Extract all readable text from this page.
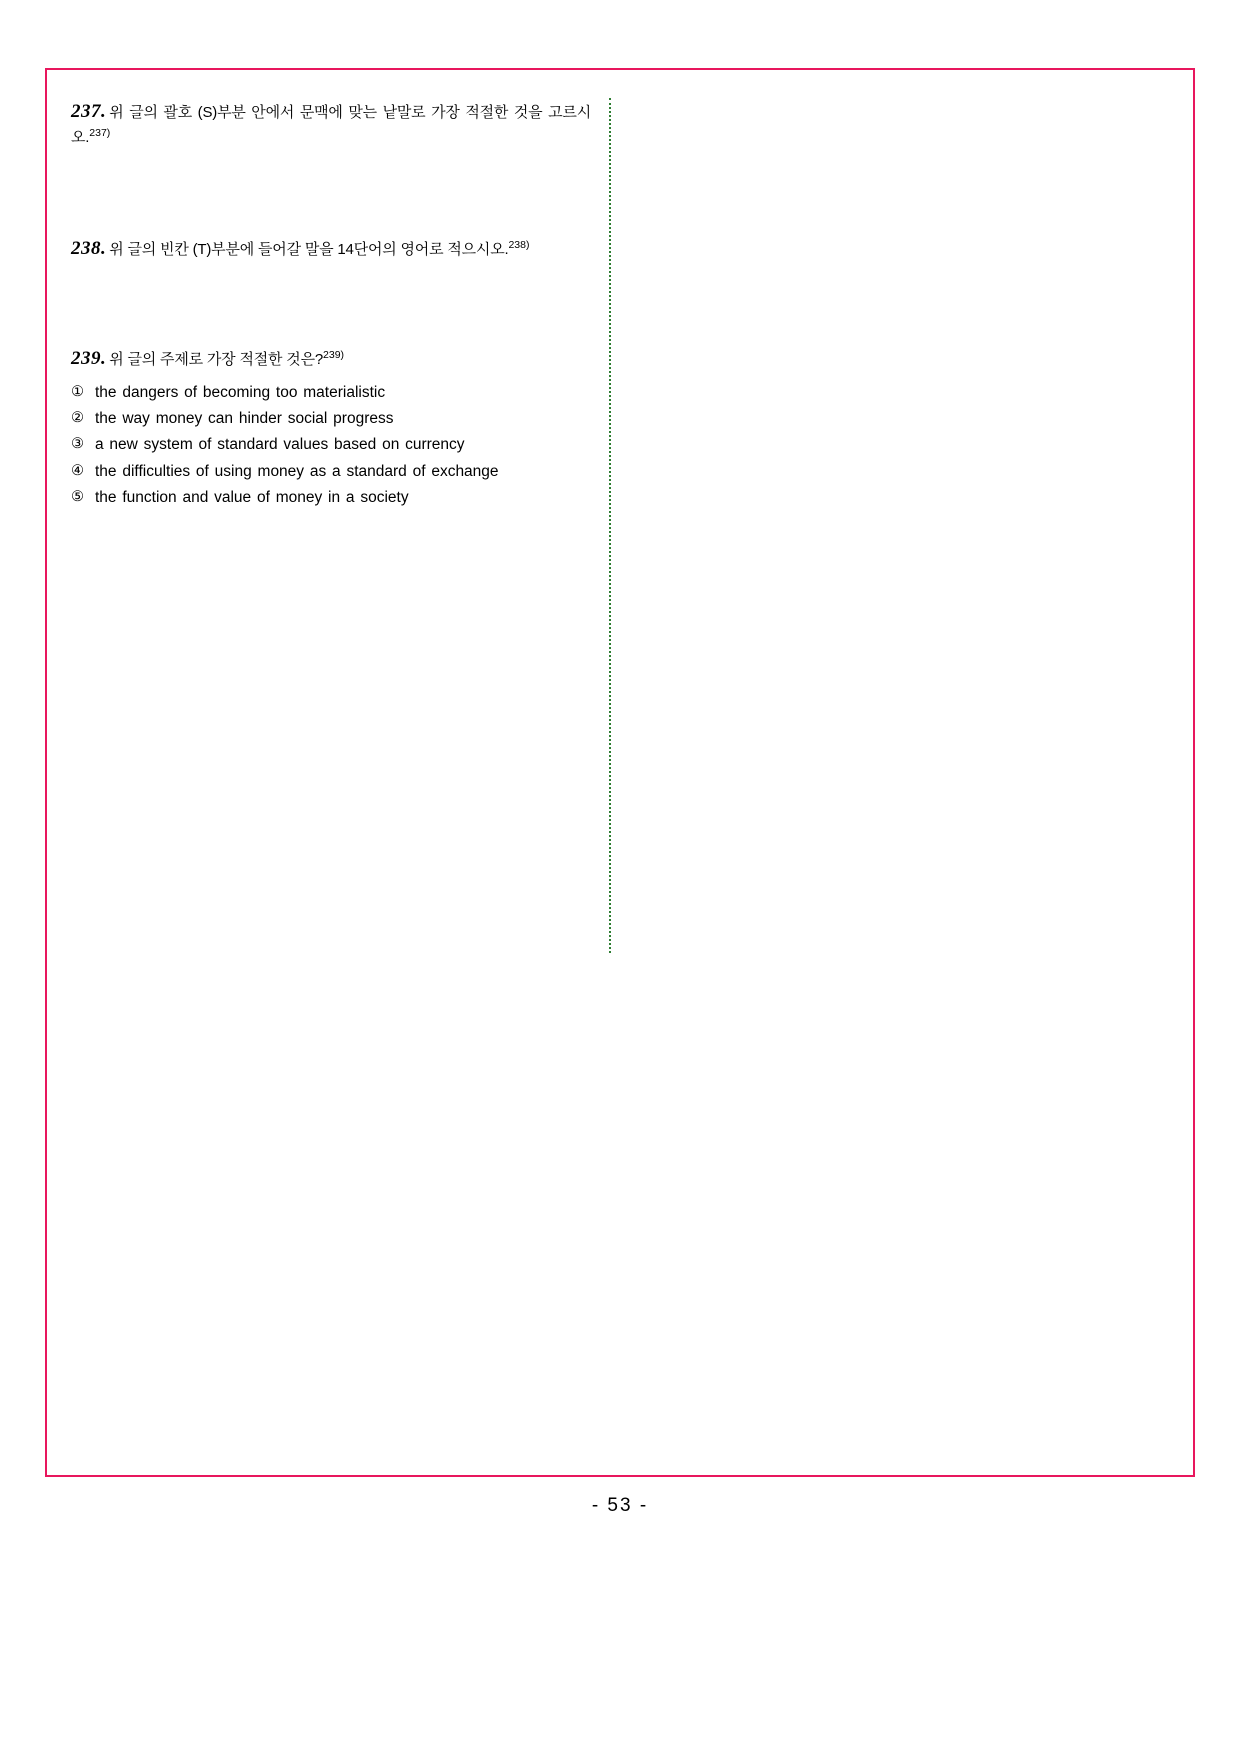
237. 위 글의 괄호 (S)부분 안에서 문맥에 맞는 낱말로 가장 적절한 것을 고르시오.$^{237)}$
238. 위 글의 빈칸 (T)부분에 들어갈 말을 14단어의 영어로 적으시오.$^{238)}$
239. 위 글의 주제로 가장 적절한 것은?$^{239)}$
① the dangers of becoming too materialistic
② the way money can hinder social progress
③ a new system of standard values based on currency
④ the difficulties of using money as a standard of exchange
⑤ the function and value of money in a society
- 53 -
